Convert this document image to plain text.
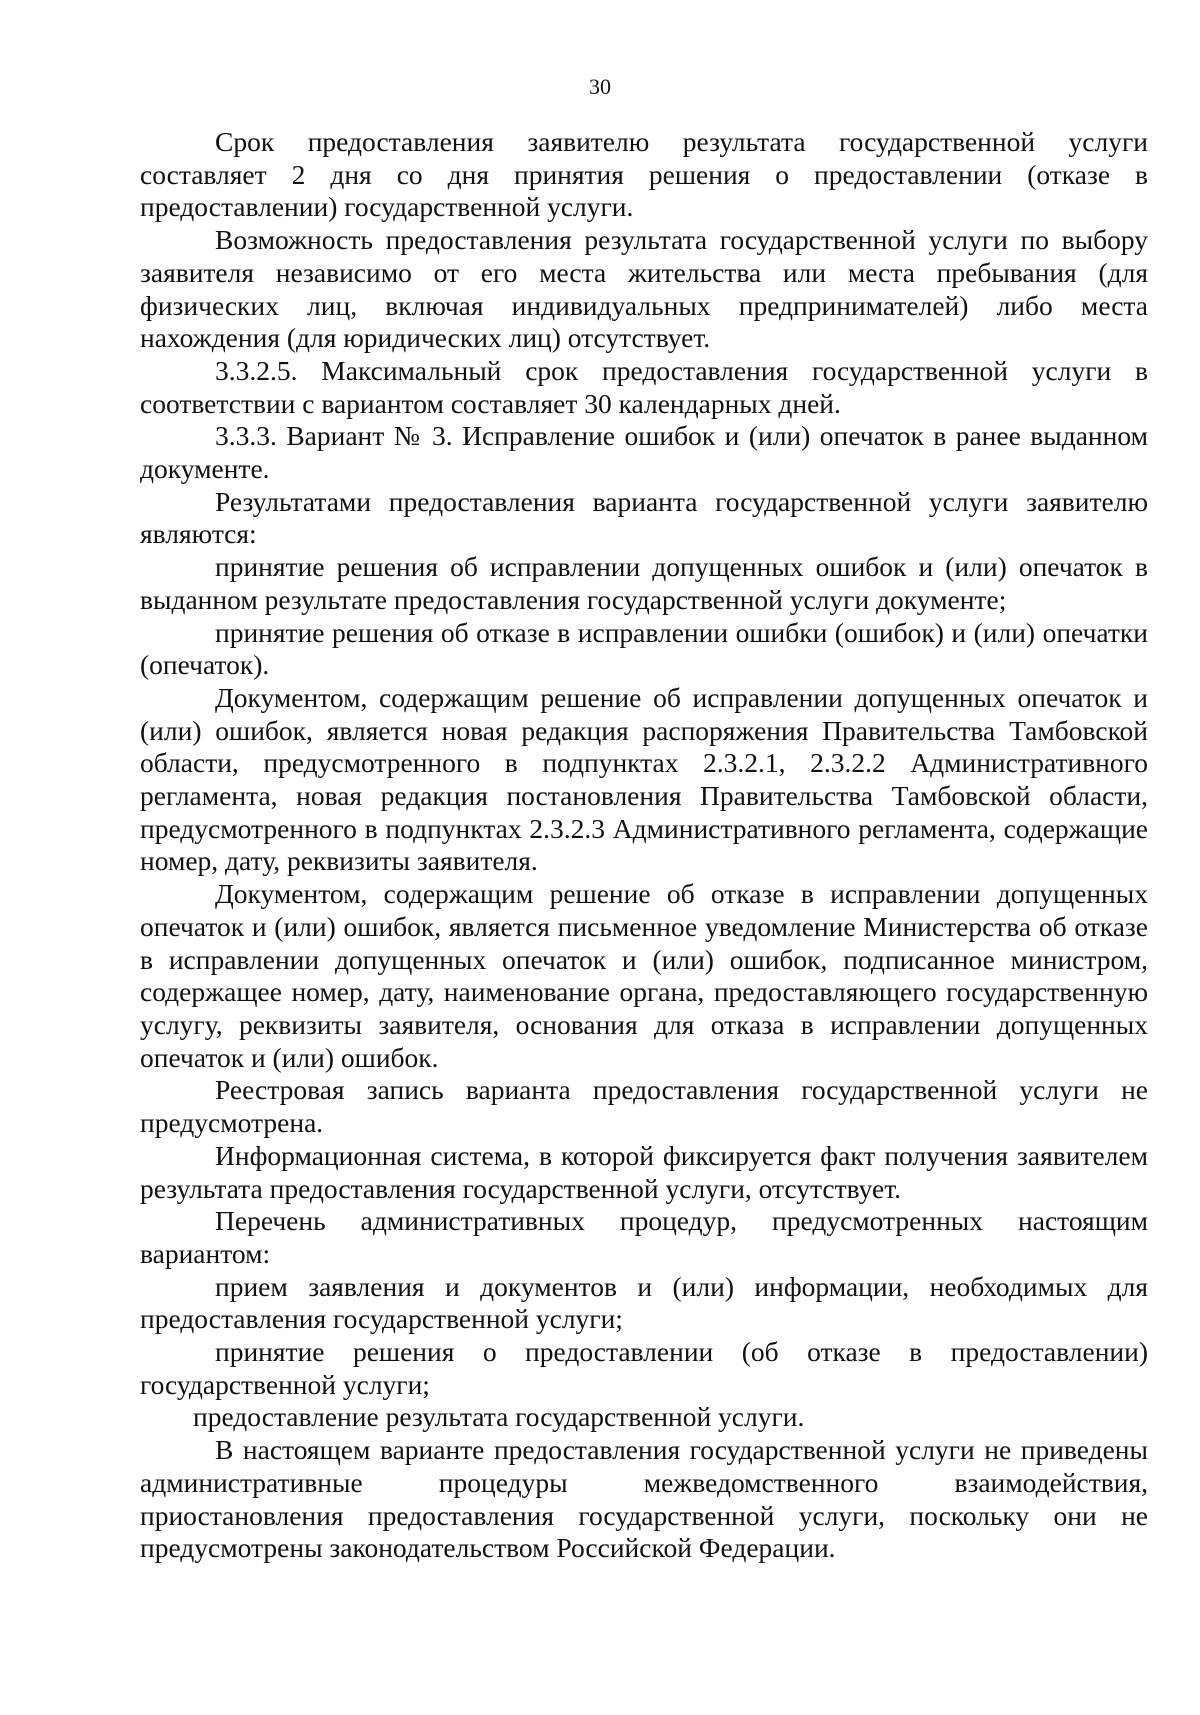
30

Срок предоставления заявителю результата государственной услуги составляет 2 дня со дня принятия решения о предоставлении (отказе в предоставлении) государственной услуги.

Возможность предоставления результата государственной услуги по выбору заявителя независимо от его места жительства или места пребывания (для физических лиц, включая индивидуальных предпринимателей) либо места нахождения (для юридических лиц) отсутствует.

3.3.2.5. Максимальный срок предоставления государственной услуги в соответствии с вариантом составляет 30 календарных дней.

3.3.3. Вариант № 3. Исправление ошибок и (или) опечаток в ранее выданном документе.

Результатами предоставления варианта государственной услуги заявителю являются:

принятие решения об исправлении допущенных ошибок и (или) опечаток в выданном результате предоставления государственной услуги документе;

принятие решения об отказе в исправлении ошибки (ошибок) и (или) опечатки (опечаток).

Документом, содержащим решение об исправлении допущенных опечаток и (или) ошибок, является новая редакция распоряжения Правительства Тамбовской области, предусмотренного в подпунктах 2.3.2.1, 2.3.2.2 Административного регламента, новая редакция постановления Правительства Тамбовской области, предусмотренного в подпунктах 2.3.2.3 Административного регламента, содержащие номер, дату, реквизиты заявителя.

Документом, содержащим решение об отказе в исправлении допущенных опечаток и (или) ошибок, является письменное уведомление Министерства об отказе в исправлении допущенных опечаток и (или) ошибок, подписанное министром, содержащее номер, дату, наименование органа, предоставляющего государственную услугу, реквизиты заявителя, основания для отказа в исправлении допущенных опечаток и (или) ошибок.

Реестровая запись варианта предоставления государственной услуги не предусмотрена.

Информационная система, в которой фиксируется факт получения заявителем результата предоставления государственной услуги, отсутствует.

Перечень административных процедур, предусмотренных настоящим вариантом:

прием заявления и документов и (или) информации, необходимых для предоставления государственной услуги;

принятие решения о предоставлении (об отказе в предоставлении) государственной услуги;

предоставление результата государственной услуги.

В настоящем варианте предоставления государственной услуги не приведены административные процедуры межведомственного взаимодействия, приостановления предоставления государственной услуги, поскольку они не предусмотрены законодательством Российской Федерации.
